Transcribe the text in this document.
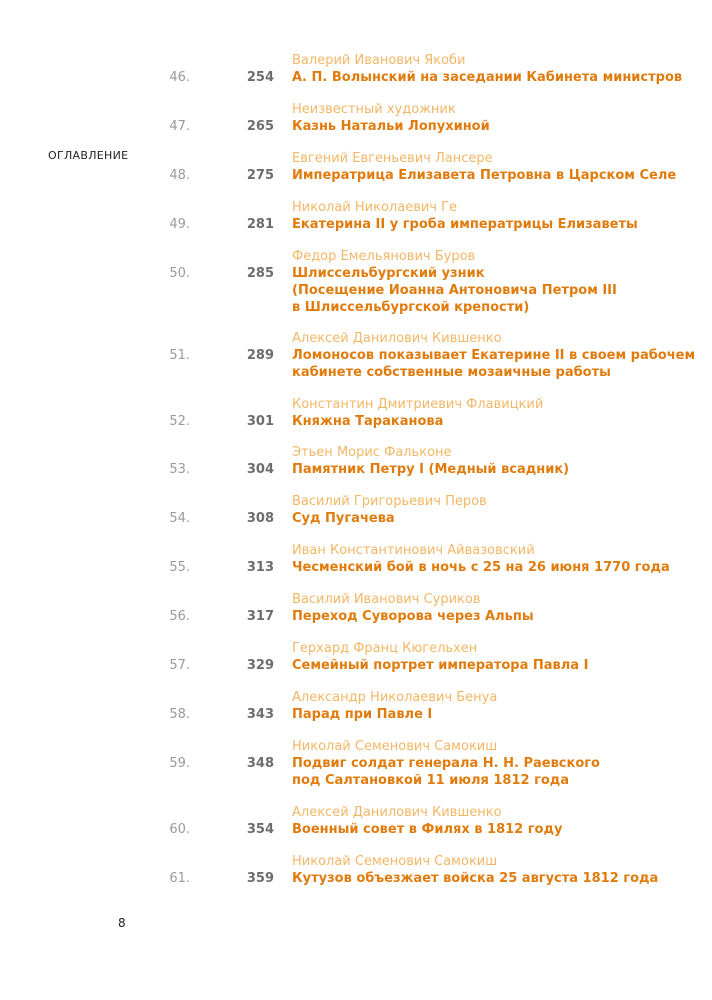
ОГЛАВЛЕНИЕ
Валерий Иванович Якоби
46.	254 А. П. Волынский на заседании Кабинета министров
Неизвестный художник
47.	265 Казнь Натальи Лопухиной
Евгений Евгеньевич Лансере
48.	275 Императрица Елизавета Петровна в Царском Селе
Николай Николаевич Ге
49.	281 Екатерина II у гроба императрицы Елизаветы
Федор Емельянович Буров
50.	285 Шлиссельбургский узник
(Посещение Иоанна Антоновича Петром III
в Шлиссельбургской крепости)
Алексей Данилович Кившенко
51.	289 Ломоносов показывает Екатерине II в своем рабочем
кабинете собственные мозаичные работы
Константин Дмитриевич Флавицкий
52.	301 Княжна Тараканова
Этьен Морис Фальконе
53.	304 Памятник Петру I (Медный всадник)
Василий Григорьевич Перов
54.	308 Суд Пугачева
Иван Константинович Айвазовский
55.	313 Чесменский бой в ночь с 25 на 26 июня 1770 года
Василий Иванович Суриков
56.	317 Переход Суворова через Альпы
Герхард Франц Кюгельхен
57.	329 Семейный портрет императора Павла I
Александр Николаевич Бенуа
58.	343 Парад при Павле I
Николай Семенович Самокиш
59.	348 Подвиг солдат генерала Н. Н. Раевского
под Салтановкой 11 июля 1812 года
Алексей Данилович Кившенко
60.	354 Военный совет в Филях в 1812 году
Николай Семенович Самокиш
61.	359 Кутузов объезжает войска 25 августа 1812 года
8
